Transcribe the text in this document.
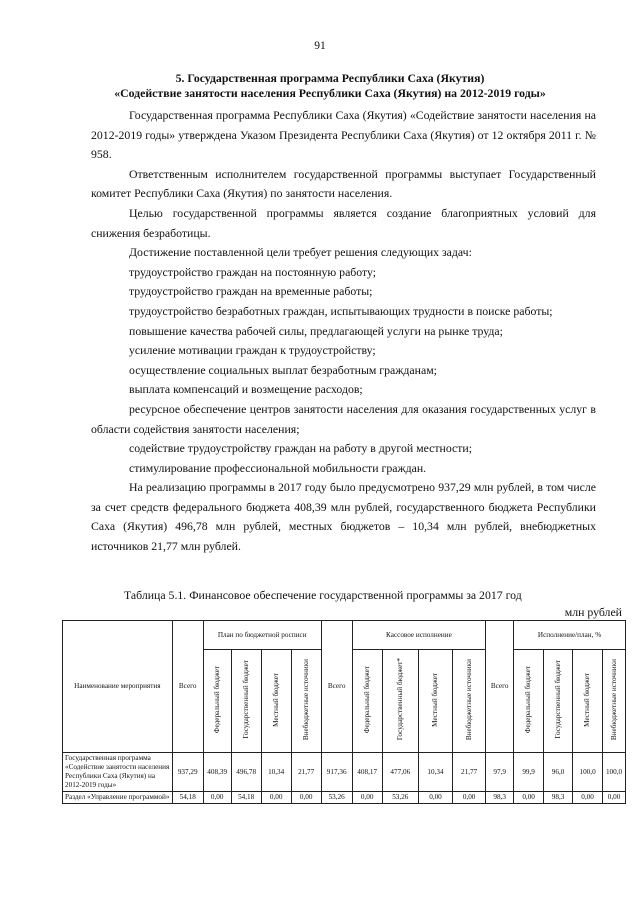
91
5. Государственная программа Республики Саха (Якутия)
«Содействие занятости населения Республики Саха (Якутия) на 2012-2019 годы»

Государственная программа Республики Саха (Якутия) «Содействие занятости населения на 2012-2019 годы» утверждена Указом Президента Республики Саха (Якутия) от 12 октября 2011 г. № 958.

Ответственным исполнителем государственной программы выступает Государственный комитет Республики Саха (Якутия) по занятости населения.

Целью государственной программы является создание благоприятных условий для снижения безработицы.

Достижение поставленной цели требует решения следующих задач:

трудоустройство граждан на постоянную работу;

трудоустройство граждан на временные работы;

трудоустройство безработных граждан, испытывающих трудности в поиске работы;

повышение качества рабочей силы, предлагающей услуги на рынке труда;

усиление мотивации граждан к трудоустройству;

осуществление социальных выплат безработным гражданам;

выплата компенсаций и возмещение расходов;

ресурсное обеспечение центров занятости населения для оказания государственных услуг в области содействия занятости населения;

содействие трудоустройству граждан на работу в другой местности;

стимулирование профессиональной мобильности граждан.

На реализацию программы в 2017 году было предусмотрено 937,29 млн рублей, в том числе за счет средств федерального бюджета 408,39 млн рублей, государственного бюджета Республики Саха (Якутия) 496,78 млн рублей, местных бюджетов – 10,34 млн рублей, внебюджетных источников 21,77 млн рублей.

Таблица 5.1. Финансовое обеспечение государственной программы за 2017 год
млн рублей
Наименование мероприятия	Всего	План по бюджетной росписи				Всего	Кассовое исполнение				Всего	Исполнение/план, %			
		Федеральный бюджет	Государственный бюджет	Местный бюджет	Внебюджетные источники		Федеральный бюджет	Государственный бюджет*	Местный бюджет	Внебюджетные источники		Федеральный бюджет	Государственный бюджет	Местный бюджет	Внебюджетные источники
Государственная программа «Содействие занятости населения Республики Саха (Якутия) на 2012-2019 годы»	937,29	408,39	496,78	10,34	21,77	917,36	408,17	477,06	10,34	21,77	97,9	99,9	96,0	100,0	100,0
Раздел «Управление программой»	54,18	0,00	54,18	0,00	0,00	53,26	0,00	53,26	0,00	0,00	98,3	0,00	98,3	0,00	0,00
